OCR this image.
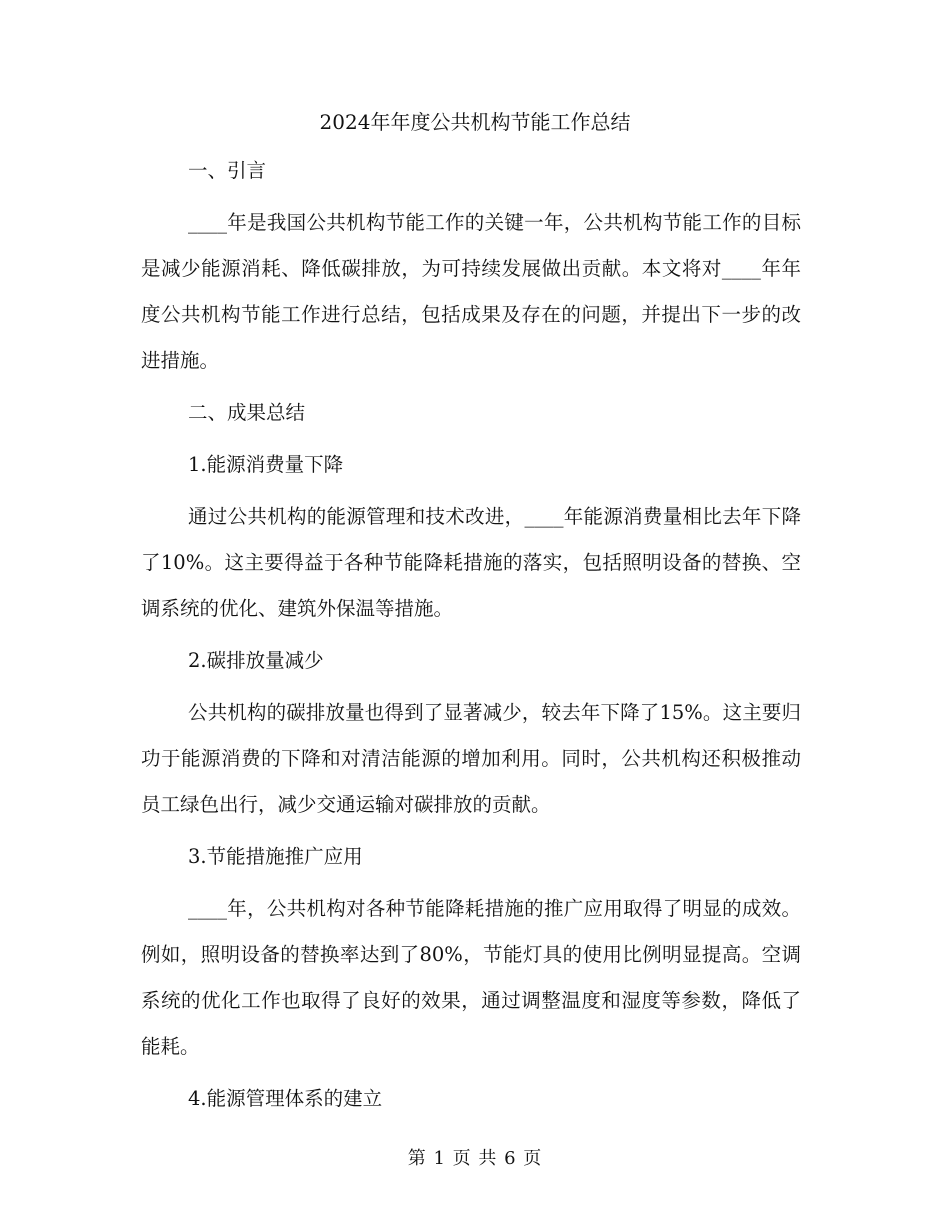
2024年年度公共机构节能工作总结

一、引言

____年是我国公共机构节能工作的关键一年，公共机构节能工作的目标是减少能源消耗、降低碳排放，为可持续发展做出贡献。本文将对____年年度公共机构节能工作进行总结，包括成果及存在的问题，并提出下一步的改进措施。

二、成果总结

1.能源消费量下降

通过公共机构的能源管理和技术改进，____年能源消费量相比去年下降了10%。这主要得益于各种节能降耗措施的落实，包括照明设备的替换、空调系统的优化、建筑外保温等措施。

2.碳排放量减少

公共机构的碳排放量也得到了显著减少，较去年下降了15%。这主要归功于能源消费的下降和对清洁能源的增加利用。同时，公共机构还积极推动员工绿色出行，减少交通运输对碳排放的贡献。

3.节能措施推广应用

____年，公共机构对各种节能降耗措施的推广应用取得了明显的成效。例如，照明设备的替换率达到了80%，节能灯具的使用比例明显提高。空调系统的优化工作也取得了良好的效果，通过调整温度和湿度等参数，降低了能耗。

4.能源管理体系的建立

第 1 页 共 6 页
